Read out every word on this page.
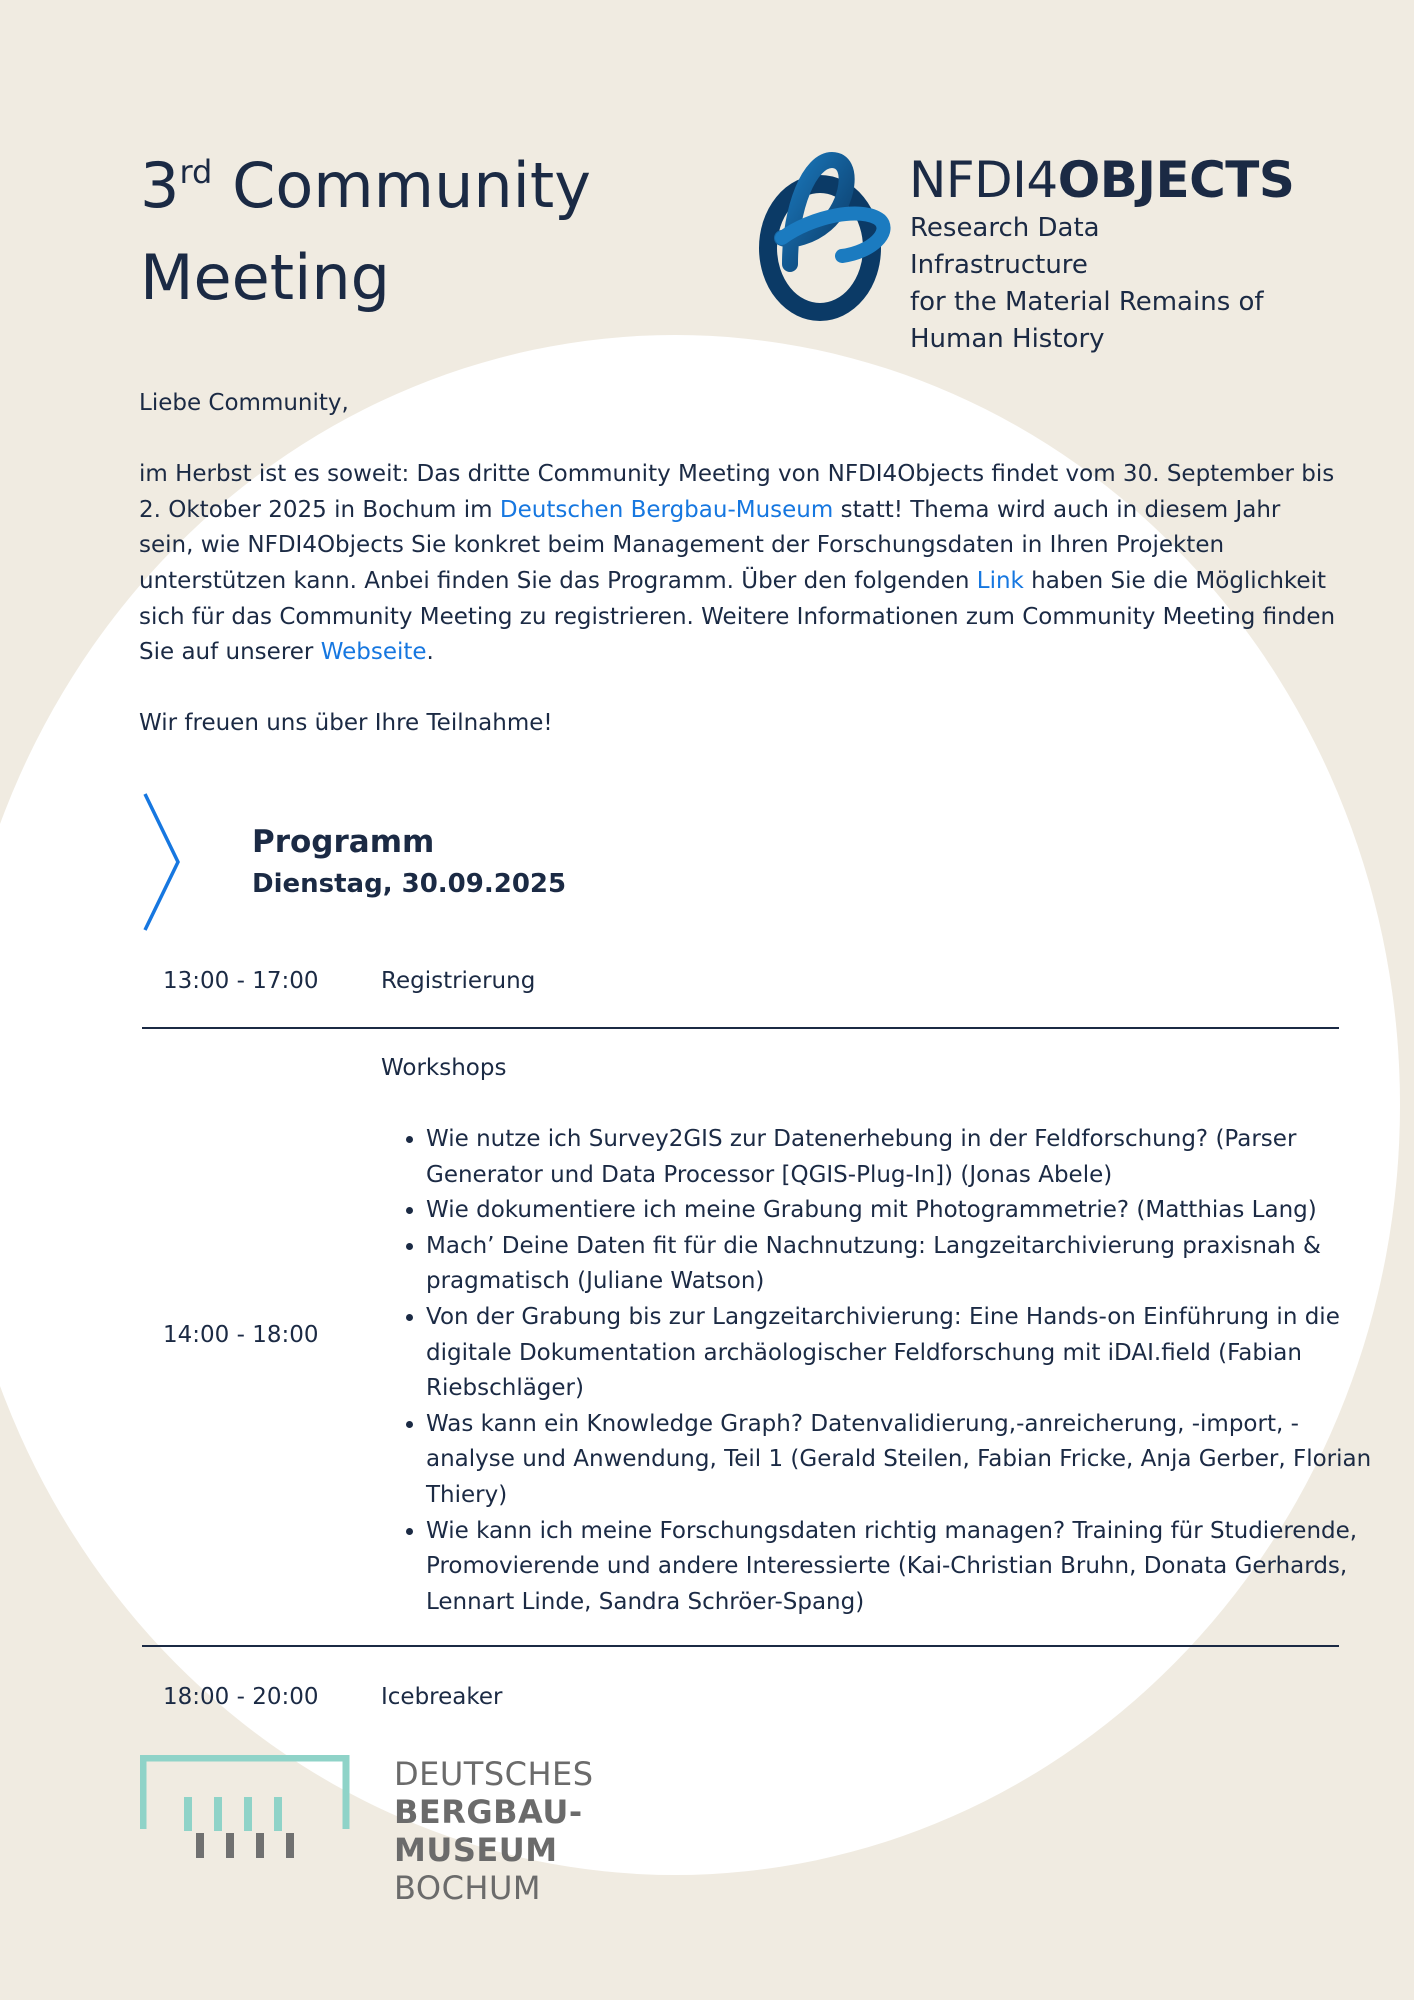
3rd Community
Meeting
NFDI4OBJECTS
Research Data Infrastructure
for the Material Remains of
Human History

Liebe Community,

im Herbst ist es soweit: Das dritte Community Meeting von NFDI4Objects findet vom 30. September bis 2. Oktober 2025 in Bochum im Deutschen Bergbau-Museum statt! Thema wird auch in diesem Jahr sein, wie NFDI4Objects Sie konkret beim Management der Forschungsdaten in Ihren Projekten unterstützen kann. Anbei finden Sie das Programm. Über den folgenden Link haben Sie die Möglichkeit sich für das Community Meeting zu registrieren. Weitere Informationen zum Community Meeting finden Sie auf unserer Webseite.

Wir freuen uns über Ihre Teilnahme!

Programm
Dienstag, 30.09.2025
13:00 - 17:00	Registrierung
14:00 - 18:00
Workshops
• Wie nutze ich Survey2GIS zur Datenerhebung in der Feldforschung? (Parser Generator und Data Processor [QGIS-Plug-In]) (Jonas Abele)
• Wie dokumentiere ich meine Grabung mit Photogrammetrie? (Matthias Lang)
• Mach’ Deine Daten fit für die Nachnutzung: Langzeitarchivierung praxisnah & pragmatisch (Juliane Watson)
• Von der Grabung bis zur Langzeitarchivierung: Eine Hands-on Einführung in die digitale Dokumentation archäologischer Feldforschung mit iDAI.field (Fabian Riebschläger)
• Was kann ein Knowledge Graph? Datenvalidierung,-anreicherung, -import, -analyse und Anwendung, Teil 1 (Gerald Steilen, Fabian Fricke, Anja Gerber, Florian Thiery)
• Wie kann ich meine Forschungsdaten richtig managen? Training für Studierende, Promovierende und andere Interessierte (Kai-Christian Bruhn, Donata Gerhards, Lennart Linde, Sandra Schröer-Spang)
18:00 - 20:00	Icebreaker
DEUTSCHES
BERGBAU-MUSEUM
BOCHUM
